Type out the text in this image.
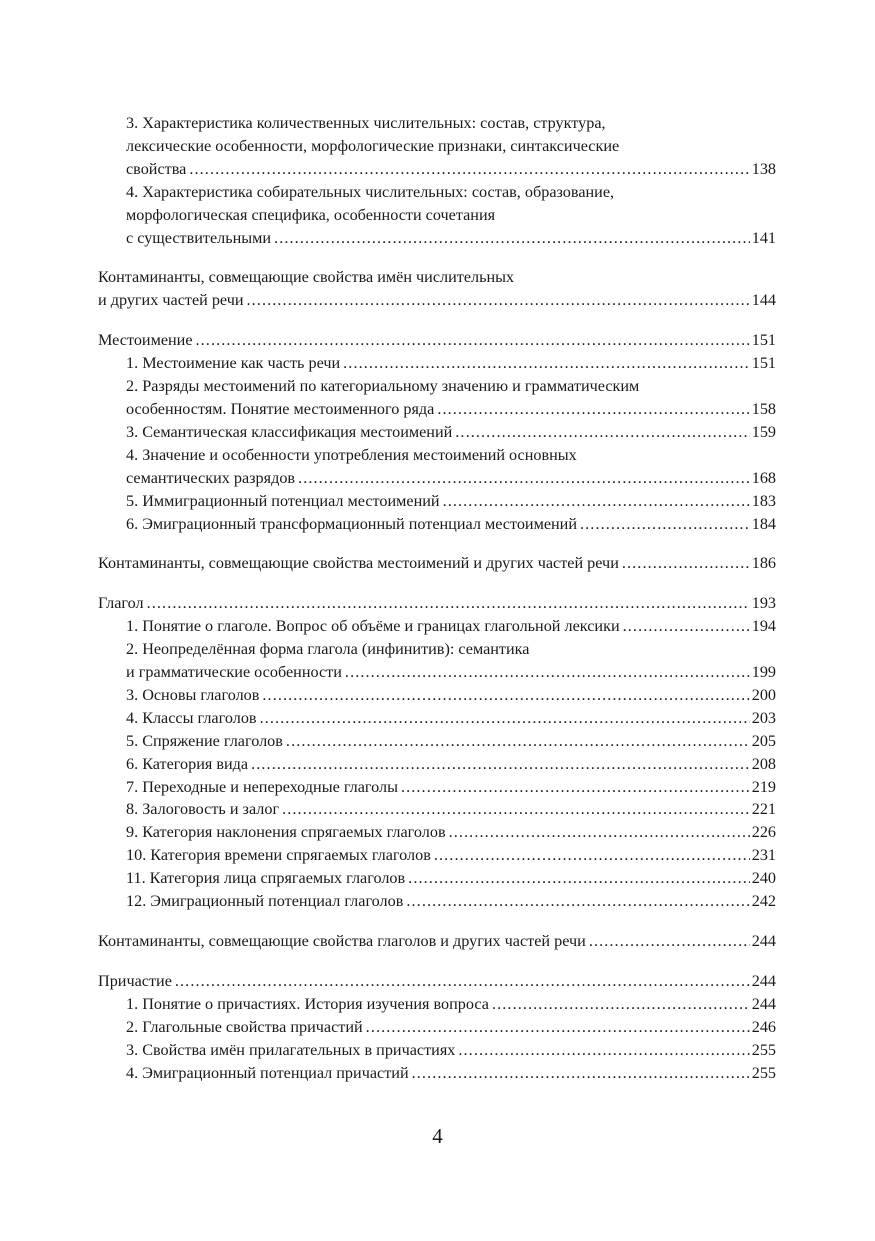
3. Характеристика количественных числительных: состав, структура,
лексические особенности, морфологические признаки, синтаксические
свойства .....	138
4. Характеристика собирательных числительных: состав, образование,
морфологическая специфика, особенности сочетания
с существительными .....	141
Контаминанты, совмещающие свойства имён числительных
и других частей речи .....	144
Местоимение .....	151
1. Местоимение как часть речи .....	151
2. Разряды местоимений по категориальному значению и грамматическим
особенностям. Понятие местоименного ряда .....	158
3. Семантическая классификация местоимений .....	159
4. Значение и особенности употребления местоимений основных
семантических разрядов .....	168
5. Иммиграционный потенциал местоимений .....	183
6. Эмиграционный трансформационный потенциал местоимений .....	184
Контаминанты, совмещающие свойства местоимений и других частей речи .....	186
Глагол .....	193
1. Понятие о глаголе. Вопрос об объёме и границах глагольной лексики .....	194
2. Неопределённая форма глагола (инфинитив): семантика
и грамматические особенности .....	199
3. Основы глаголов .....	200
4. Классы глаголов .....	203
5. Спряжение глаголов .....	205
6. Категория вида .....	208
7. Переходные и непереходные глаголы .....	219
8. Залоговость и залог .....	221
9. Категория наклонения спрягаемых глаголов .....	226
10. Категория времени спрягаемых глаголов .....	231
11. Категория лица спрягаемых глаголов .....	240
12. Эмиграционный потенциал глаголов .....	242
Контаминанты, совмещающие свойства глаголов и других частей речи .....	244
Причастие .....	244
1. Понятие о причастиях. История изучения вопроса .....	244
2. Глагольные свойства причастий .....	246
3. Свойства имён прилагательных в причастиях .....	255
4. Эмиграционный потенциал причастий .....	255
4
